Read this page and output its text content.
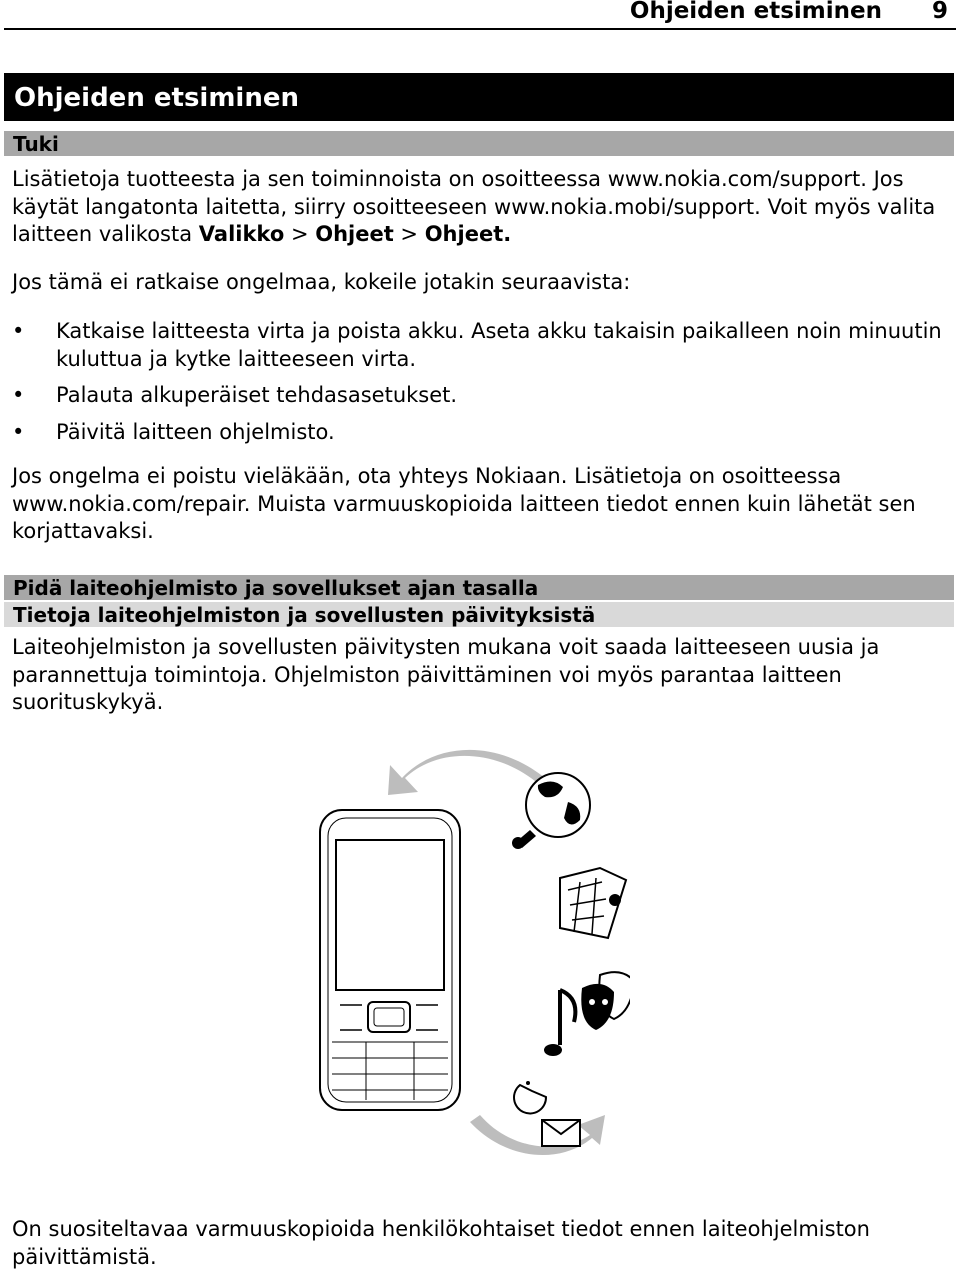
Ohjeiden etsiminen 9
Ohjeiden etsiminen
Tuki

Lisätietoja tuotteesta ja sen toiminnoista on osoitteessa www.nokia.com/support. Jos käytät langatonta laitetta, siirry osoitteeseen www.nokia.mobi/support. Voit myös valita laitteen valikosta Valikko > Ohjeet > Ohjeet.

Jos tämä ei ratkaise ongelmaa, kokeile jotakin seuraavista:

• Katkaise laitteesta virta ja poista akku. Aseta akku takaisin paikalleen noin minuutin kuluttua ja kytke laitteeseen virta.
• Palauta alkuperäiset tehdasasetukset.
• Päivitä laitteen ohjelmisto.

Jos ongelma ei poistu vieläkään, ota yhteys Nokiaan. Lisätietoja on osoitteessa www.nokia.com/repair. Muista varmuuskopioida laitteen tiedot ennen kuin lähetät sen korjattavaksi.

Pidä laiteohjelmisto ja sovellukset ajan tasalla
Tietoja laiteohjelmiston ja sovellusten päivityksistä

Laiteohjelmiston ja sovellusten päivitysten mukana voit saada laitteeseen uusia ja parannettuja toimintoja. Ohjelmiston päivittäminen voi myös parantaa laitteen suorituskykyä.

On suositeltavaa varmuuskopioida henkilökohtaiset tiedot ennen laiteohjelmiston päivittämistä.
